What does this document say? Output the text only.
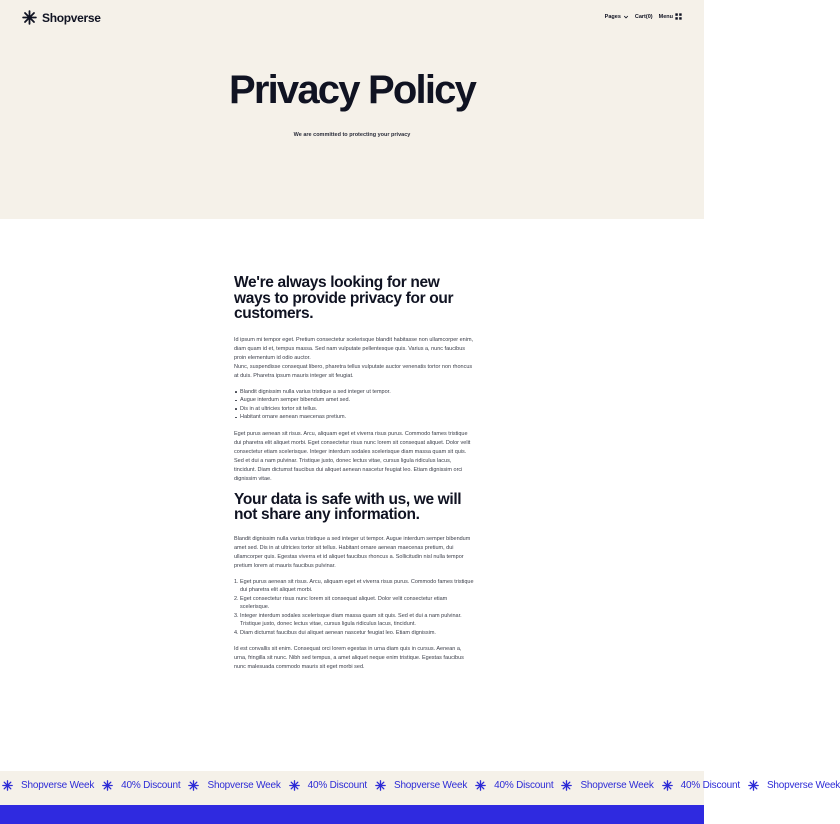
Shopverse	Pages	Cart(0) Menu
Privacy Policy
We are committed to protecting your privacy
We're always looking for new ways to provide privacy for our customers.

Id ipsum mi tempor eget. Pretium consectetur scelerisque blandit habitasse non ullamcorper enim, diam quam id et, tempus massa. Sed nam vulputate pellentesque quis. Varius a, nunc faucibus proin elementum id odio auctor.

Nunc, suspendisse consequat libero, pharetra tellus vulputate auctor venenatis tortor non rhoncus at duis. Pharetra ipsum mauris integer sit feugiat.

Blandit dignissim nulla varius tristique a sed integer ut tempor.
Augue interdum semper bibendum amet sed.
Dis in at ultricies tortor sit tellus.
Habitant ornare aenean maecenas pretium.

Eget purus aenean sit risus. Arcu, aliquam eget et viverra risus purus. Commodo fames tristique dui pharetra elit aliquet morbi. Eget consectetur risus nunc lorem sit consequat aliquet. Dolor velit consectetur etiam scelerisque. Integer interdum sodales scelerisque diam massa quam sit quis. Sed et dui a nam pulvinar. Tristique justo, donec lectus vitae, cursus ligula ridiculus lacus, tincidunt. Diam dictumst faucibus dui aliquet aenean nascetur feugiat leo. Etiam dignissim orci dignissim vitae.

Your data is safe with us, we will not share any information.

Blandit dignissim nulla varius tristique a sed integer ut tempor. Augue interdum semper bibendum amet sed. Dis in at ultricies tortor sit tellus. Habitant ornare aenean maecenas pretium, dui ullamcorper quis. Egestas viverra et id aliquet faucibus rhoncus a. Sollicitudin nisl nulla tempor pretium lorem at mauris faucibus pulvinar.

1. Eget purus aenean sit risus. Arcu, aliquam eget et viverra risus purus. Commodo fames tristique dui pharetra elit aliquet morbi.
2. Eget consectetur risus nunc lorem sit consequat aliquet. Dolor velit consectetur etiam scelerisque.
3. Integer interdum sodales scelerisque diam massa quam sit quis. Sed et dui a nam pulvinar. Tristique justo, donec lectus vitae, cursus ligula ridiculus lacus, tincidunt.
4. Diam dictumst faucibus dui aliquet aenean nascetur feugiat leo. Etiam dignissim.

Id est convallis sit enim. Consequat orci lorem egestas in urna diam quis in cursus. Aenean a, urna, fringilla sit nunc. Nibh sed tempus, a amet aliquet neque enim tristique. Egestas faucibus nunc malesuada commodo mauris sit eget morbi sed.

Shopverse Week	40% Discount	Shopverse Week	40% Discount	Shopverse Week	40% Discount	Shopverse Week	40% Discount	Shopverse Week
